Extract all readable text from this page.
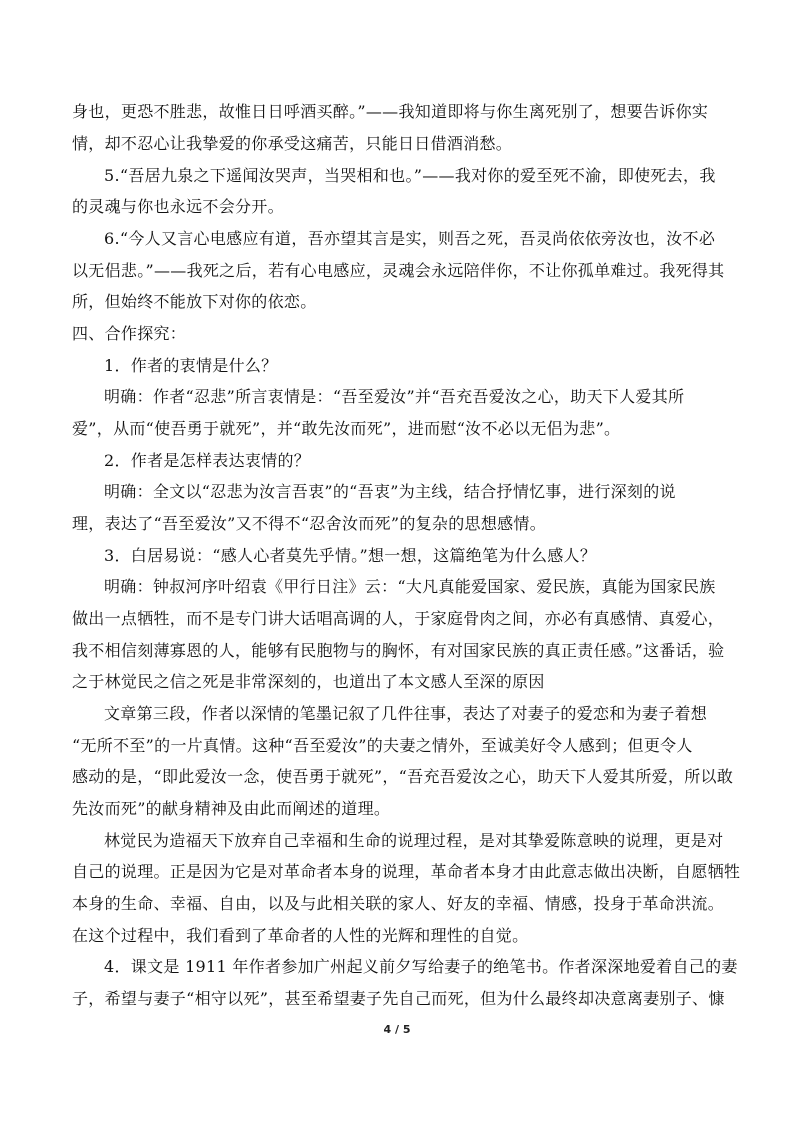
身也，更恐不胜悲，故惟日日呼酒买醉。”——我知道即将与你生离死别了，想要告诉你实
情，却不忍心让我挚爱的你承受这痛苦，只能日日借酒消愁。
5.“吾居九泉之下遥闻汝哭声，当哭相和也。”——我对你的爱至死不渝，即使死去，我
的灵魂与你也永远不会分开。
6.“今人又言心电感应有道，吾亦望其言是实，则吾之死，吾灵尚依依旁汝也，汝不必
以无侣悲。”——我死之后，若有心电感应，灵魂会永远陪伴你，不让你孤单难过。我死得其
所，但始终不能放下对你的依恋。
四、合作探究：
1．作者的衷情是什么？
明确：作者“忍悲”所言衷情是：“吾至爱汝”并“吾充吾爱汝之心，助天下人爱其所
爱”，从而“使吾勇于就死”，并“敢先汝而死”，进而慰“汝不必以无侣为悲”。
2．作者是怎样表达衷情的？
明确：全文以“忍悲为汝言吾衷”的“吾衷”为主线，结合抒情忆事，进行深刻的说
理，表达了“吾至爱汝”又不得不“忍舍汝而死”的复杂的思想感情。
3．白居易说：“感人心者莫先乎情。”想一想，这篇绝笔为什么感人？
明确：钟叔河序叶绍袁《甲行日注》云：“大凡真能爱国家、爱民族，真能为国家民族
做出一点牺牲，而不是专门讲大话唱高调的人，于家庭骨肉之间，亦必有真感情、真爱心，
我不相信刻薄寡恩的人，能够有民胞物与的胸怀，有对国家民族的真正责任感。”这番话，验
之于林觉民之信之死是非常深刻的，也道出了本文感人至深的原因
文章第三段，作者以深情的笔墨记叙了几件往事，表达了对妻子的爱恋和为妻子着想
“无所不至”的一片真情。这种“吾至爱汝”的夫妻之情外，至诚美好令人感到；但更令人
感动的是，“即此爱汝一念，使吾勇于就死”，“吾充吾爱汝之心，助天下人爱其所爱，所以敢
先汝而死”的献身精神及由此而阐述的道理。
林觉民为造福天下放弃自己幸福和生命的说理过程，是对其挚爱陈意映的说理，更是对
自己的说理。正是因为它是对革命者本身的说理，革命者本身才由此意志做出决断，自愿牺牲
本身的生命、幸福、自由，以及与此相关联的家人、好友的幸福、情感，投身于革命洪流。
在这个过程中，我们看到了革命者的人性的光辉和理性的自觉。
4．课文是 1911 年作者参加广州起义前夕写给妻子的绝笔书。作者深深地爱着自己的妻
子，希望与妻子“相守以死”，甚至希望妻子先自己而死，但为什么最终却决意离妻别子、慷
4 / 5
